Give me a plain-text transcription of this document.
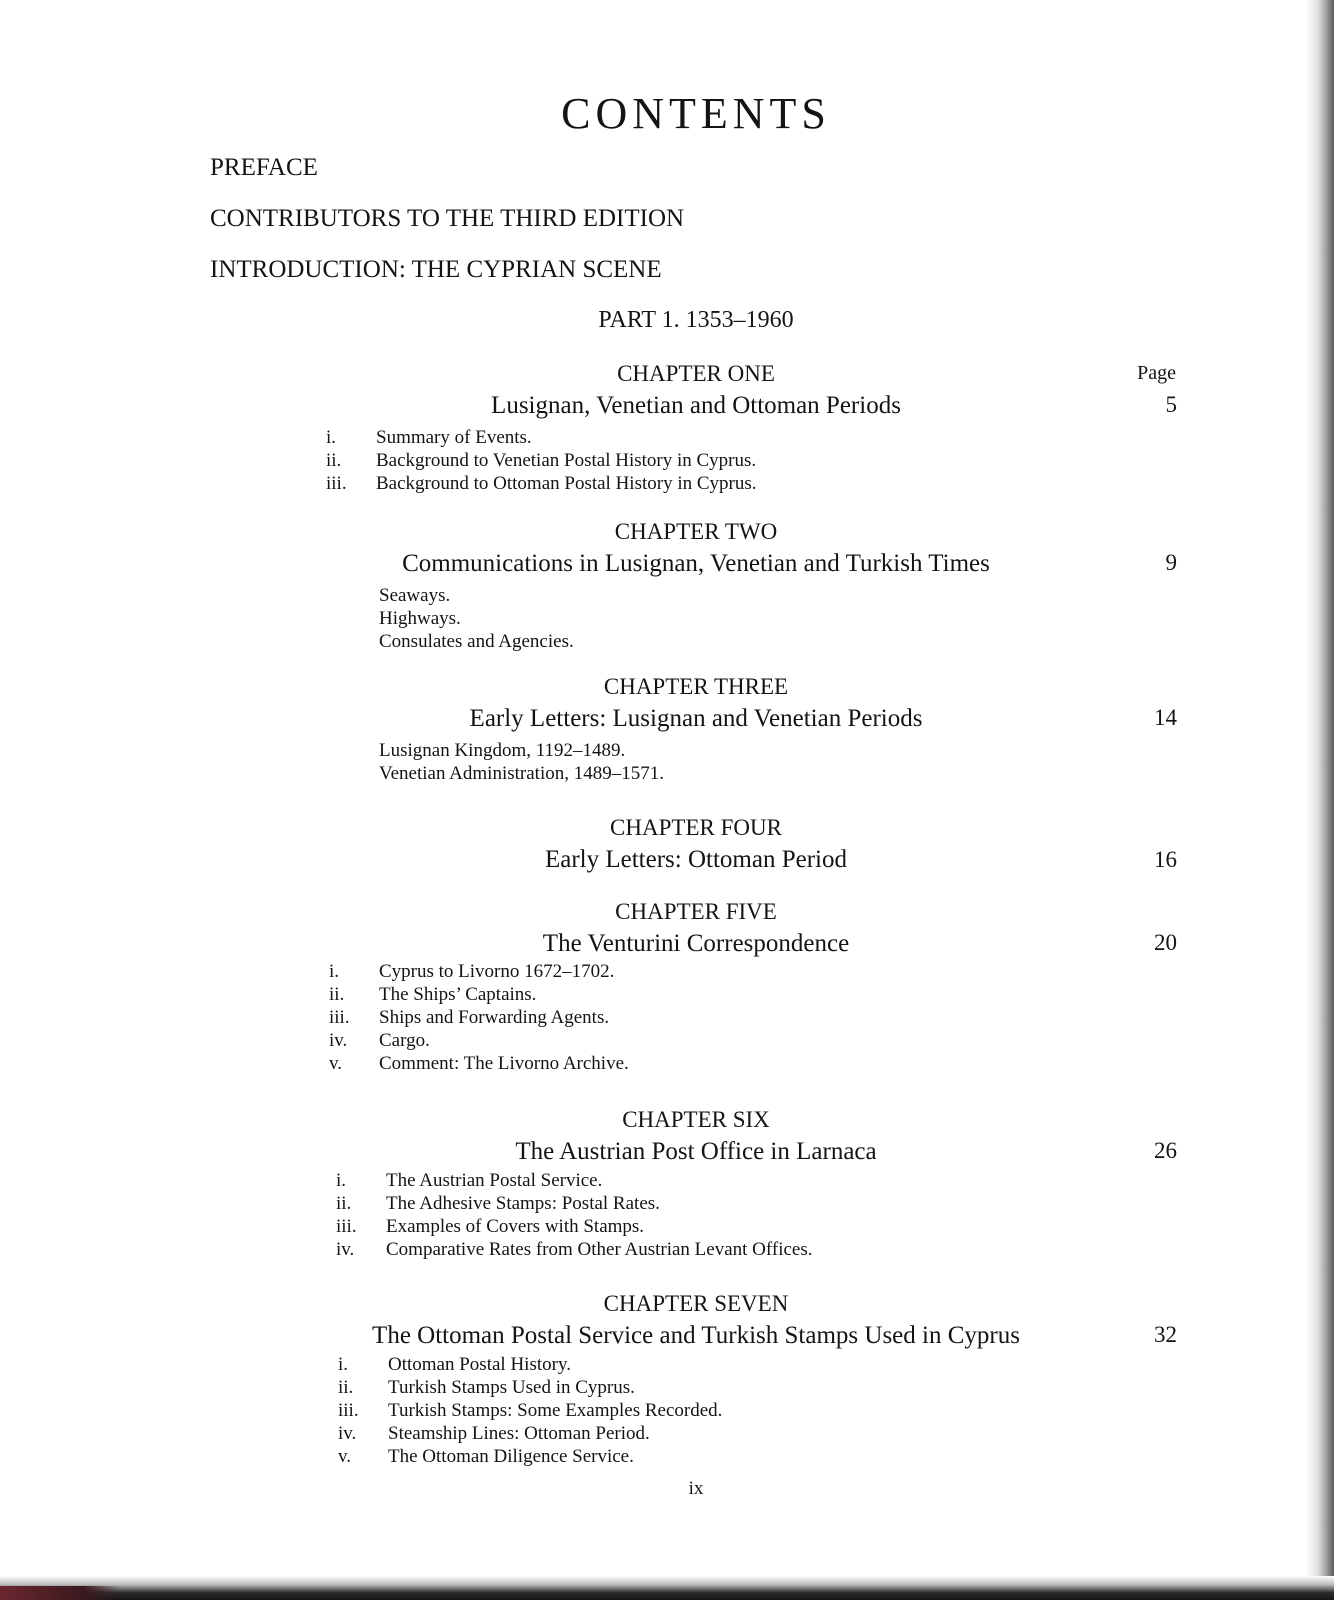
CONTENTS
PREFACE
CONTRIBUTORS TO THE THIRD EDITION
INTRODUCTION: THE CYPRIAN SCENE
PART 1. 1353–1960
Page
CHAPTER ONE
Lusignan, Venetian and Ottoman Periods	5
i.	Summary of Events.
ii.	Background to Venetian Postal History in Cyprus.
iii.	Background to Ottoman Postal History in Cyprus.
CHAPTER TWO
Communications in Lusignan, Venetian and Turkish Times	9
Seaways.
Highways.
Consulates and Agencies.
CHAPTER THREE
Early Letters: Lusignan and Venetian Periods	14
Lusignan Kingdom, 1192–1489.
Venetian Administration, 1489–1571.
CHAPTER FOUR
Early Letters: Ottoman Period	16
CHAPTER FIVE
The Venturini Correspondence	20
i.	Cyprus to Livorno 1672–1702.
ii.	The Ships’ Captains.
iii.	Ships and Forwarding Agents.
iv.	Cargo.
v.	Comment: The Livorno Archive.
CHAPTER SIX
The Austrian Post Office in Larnaca	26
i.	The Austrian Postal Service.
ii.	The Adhesive Stamps: Postal Rates.
iii.	Examples of Covers with Stamps.
iv.	Comparative Rates from Other Austrian Levant Offices.
CHAPTER SEVEN
The Ottoman Postal Service and Turkish Stamps Used in Cyprus	32
i.	Ottoman Postal History.
ii.	Turkish Stamps Used in Cyprus.
iii.	Turkish Stamps: Some Examples Recorded.
iv.	Steamship Lines: Ottoman Period.
v.	The Ottoman Diligence Service.
ix
